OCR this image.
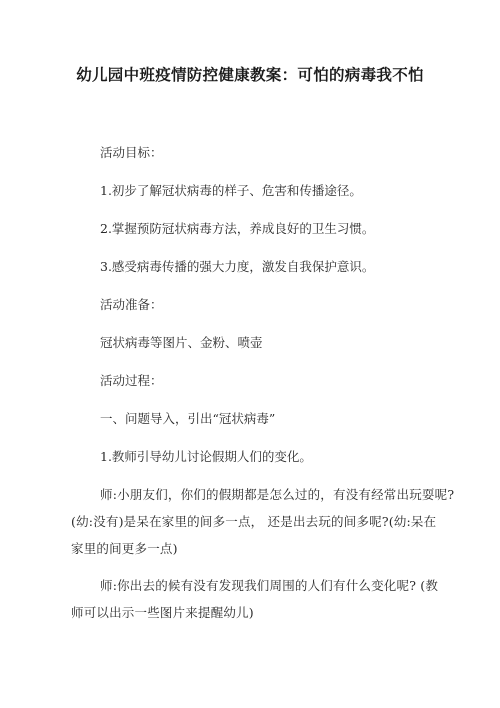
幼儿园中班疫情防控健康教案：可怕的病毒我不怕
活动目标：
1.初步了解冠状病毒的样子、危害和传播途径。
2.掌握预防冠状病毒方法，养成良好的卫生习惯。
3.感受病毒传播的强大力度，激发自我保护意识。
活动准备：
冠状病毒等图片、金粉、喷壶
活动过程：
一、问题导入，引出“冠状病毒”
1.教师引导幼儿讨论假期人们的变化。
师:小朋友们，你们的假期都是怎么过的，有没有经常出玩耍呢?
(幼:没有)是呆在家里的间多一点， 还是出去玩的间多呢?(幼:呆在
家里的间更多一点)
师:你出去的候有没有发现我们周围的人们有什么变化呢? (教
师可以出示一些图片来提醒幼儿)
